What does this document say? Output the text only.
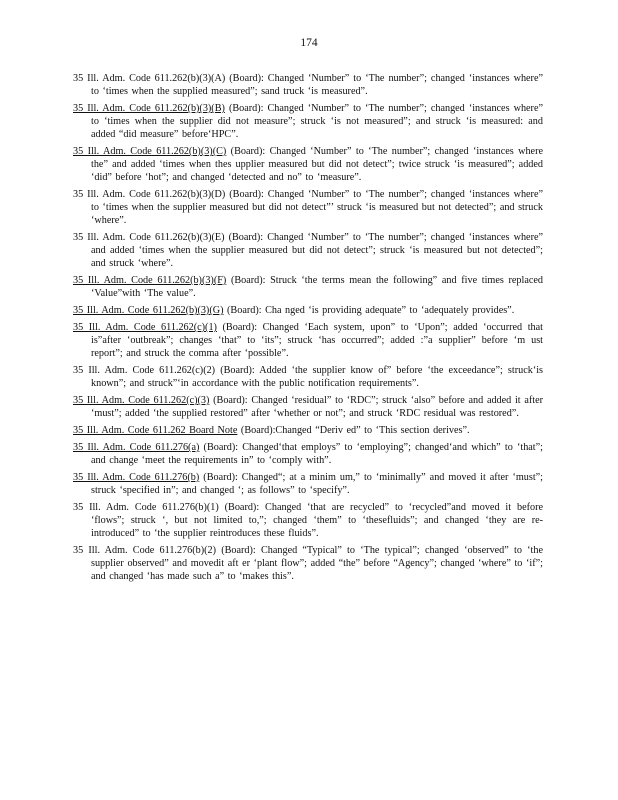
174

35 Ill. Adm. Code 611.262(b)(3)(A) (Board): Changed ‘Number” to ‘The number”; changed ‘instances where” to ‘times when the supplied measured”; sand truck ‘is measured”.

35 Ill. Adm. Code 611.262(b)(3)(B) (Board): Changed ‘Number” to ‘The number”; changed ‘instances where” to ‘times when the supplier did not measure”; struck ‘is not measured”; and struck ‘is measured: and added “did measure” before‘HPC”.

35 Ill. Adm. Code 611.262(b)(3)(C) (Board): Changed ‘Number” to ‘The number”; changed ‘instances where the” and added ‘times when thes upplier measured but did not detect”; twice struck ‘is measured”; added ‘did” before ‘hot”; and changed ‘detected and no” to ‘measure”.

35 Ill. Adm. Code 611.262(b)(3)(D) (Board): Changed ‘Number” to ‘The number”; changed ‘instances where” to ‘times when the supplier measured but did not detect”’ struck ‘is measured but not detected”; and struck ‘where”.

35 Ill. Adm. Code 611.262(b)(3)(E) (Board): Changed ‘Number” to ‘The number”; changed ‘instances where” and added ‘times when the supplier measured but did not detect”; struck ‘is measured but not detected”; and struck ‘where”.

35 Ill. Adm. Code 611.262(b)(3)(F) (Board): Struck ‘the terms mean the following” and five times replaced ‘Value”with ‘The value”.

35 Ill. Adm. Code 611.262(b)(3)(G) (Board): Cha nged ‘is providing adequate” to ‘adequately provides”.

35 Ill. Adm. Code 611.262(c)(1) (Board): Changed ‘Each system, upon” to ‘Upon”; added ‘occurred that is”after ‘outbreak”; changes ‘that” to ‘its”; struck ‘has occurred”; added :”a supplier” before ‘m ust report”; and struck the comma after ‘possible”.

35 Ill. Adm. Code 611.262(c)(2) (Board): Added ‘the supplier know of” before ‘the exceedance”; struck‘is known”; and struck”‘in accordance with the public notification requirements”.

35 Ill. Adm. Code 611.262(c)(3) (Board): Changed ‘residual” to ‘RDC”; struck ‘also” before and added it after ‘must”; added ‘the supplied restored” after ‘whether or not”; and struck ‘RDC residual was restored”.

35 Ill. Adm. Code 611.262 Board Note (Board):Changed “Deriv ed” to ‘This section derives”.

35 Ill. Adm. Code 611.276(a) (Board): Changed‘that employs” to ‘employing”; changed‘and which” to ‘that”; and change ‘meet the requirements in” to ‘comply with”.

35 Ill. Adm. Code 611.276(b) (Board): Changed“; at a minim um,” to ‘minimally” and moved it after ‘must”; struck ‘specified in”; and changed ‘; as follows” to ‘specify”.

35 Ill. Adm. Code 611.276(b)(1) (Board): Changed ‘that are recycled” to ‘recycled”and moved it before ‘flows”; struck ‘, but not limited to,”; changed ‘them” to ‘thesefluids”; and changed ‘they are re-introduced” to ‘the supplier reintroduces these fluids”.

35 Ill. Adm. Code 611.276(b)(2) (Board): Changed “Typical” to ‘The typical”; changed ‘observed” to ‘the supplier observed” and movedit aft er ‘plant flow”; added “the” before “Agency”; changed ‘where” to ‘if”; and changed ‘has made such a” to ‘makes this”.
